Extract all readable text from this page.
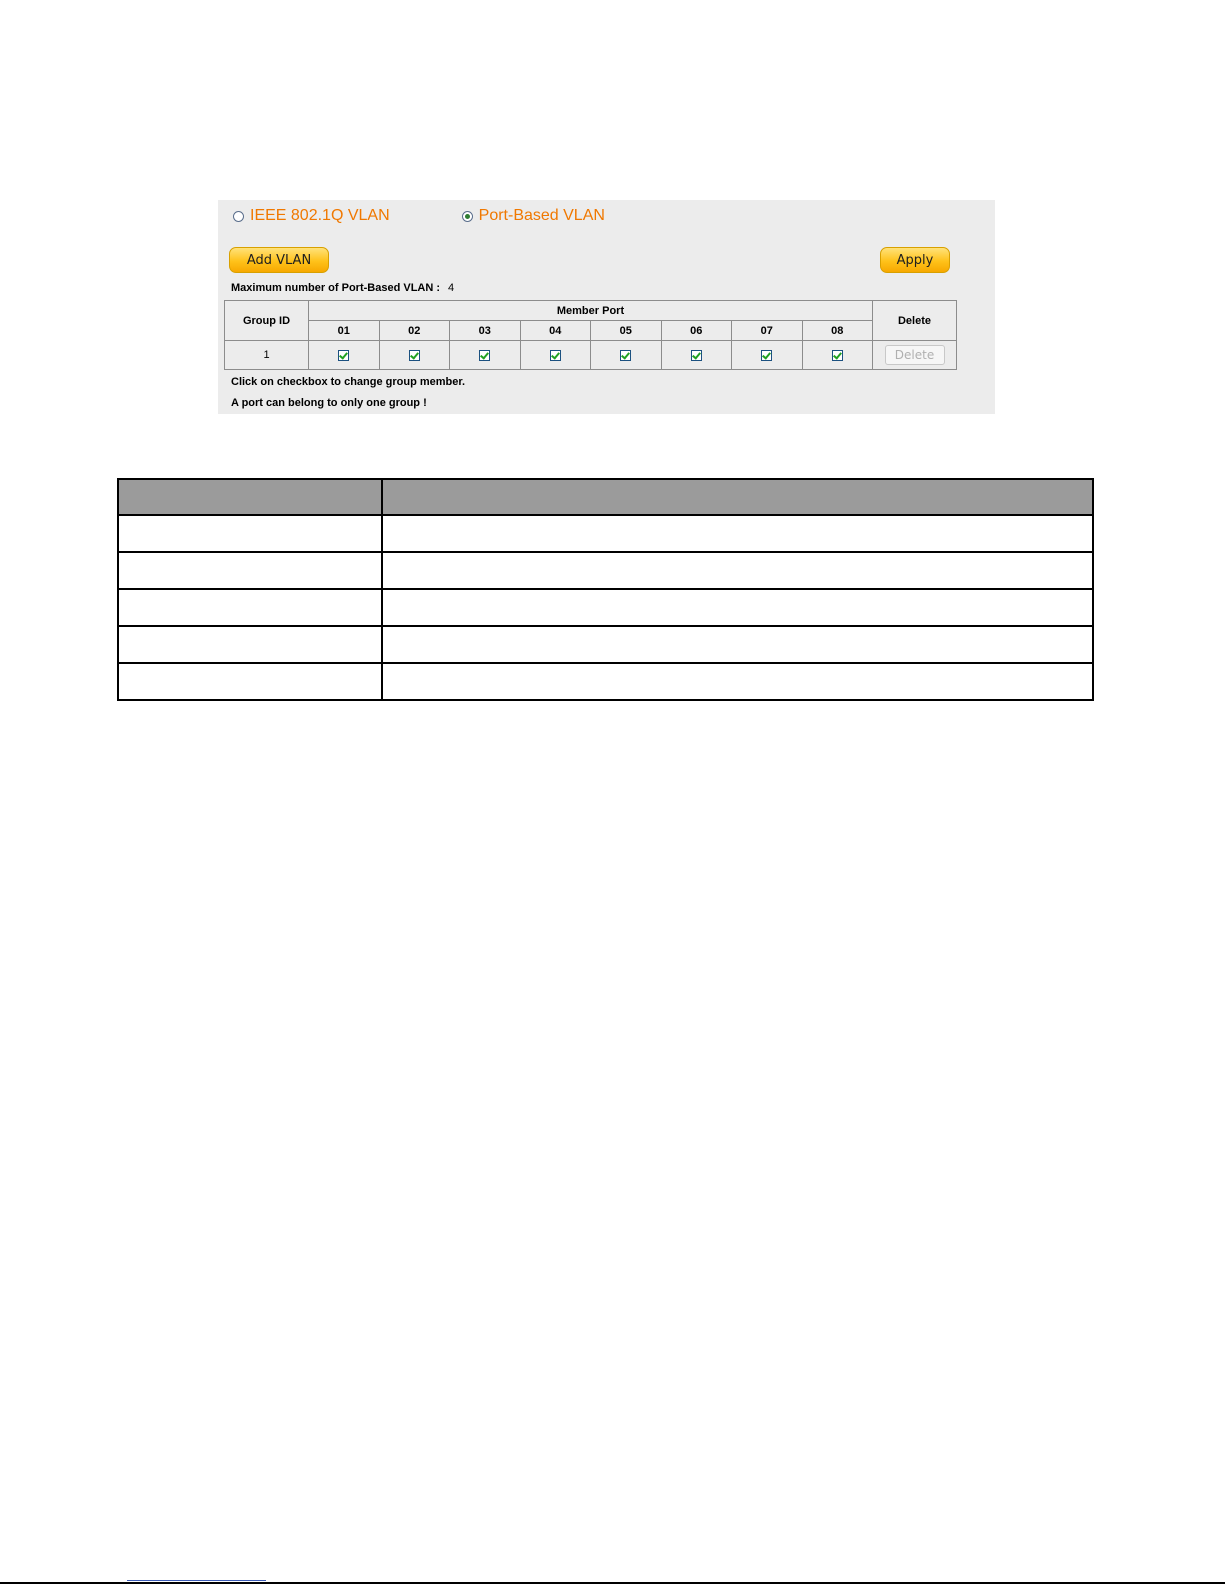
IEEE 802.1Q VLAN	Port-Based VLAN
Add VLAN	Apply
Maximum number of Port-Based VLAN : 4
Group ID	Member Port								Delete
	01	02	03	04	05	06	07	08	
1									Delete
Click on checkbox to change group member.
A port can belong to only one group !
